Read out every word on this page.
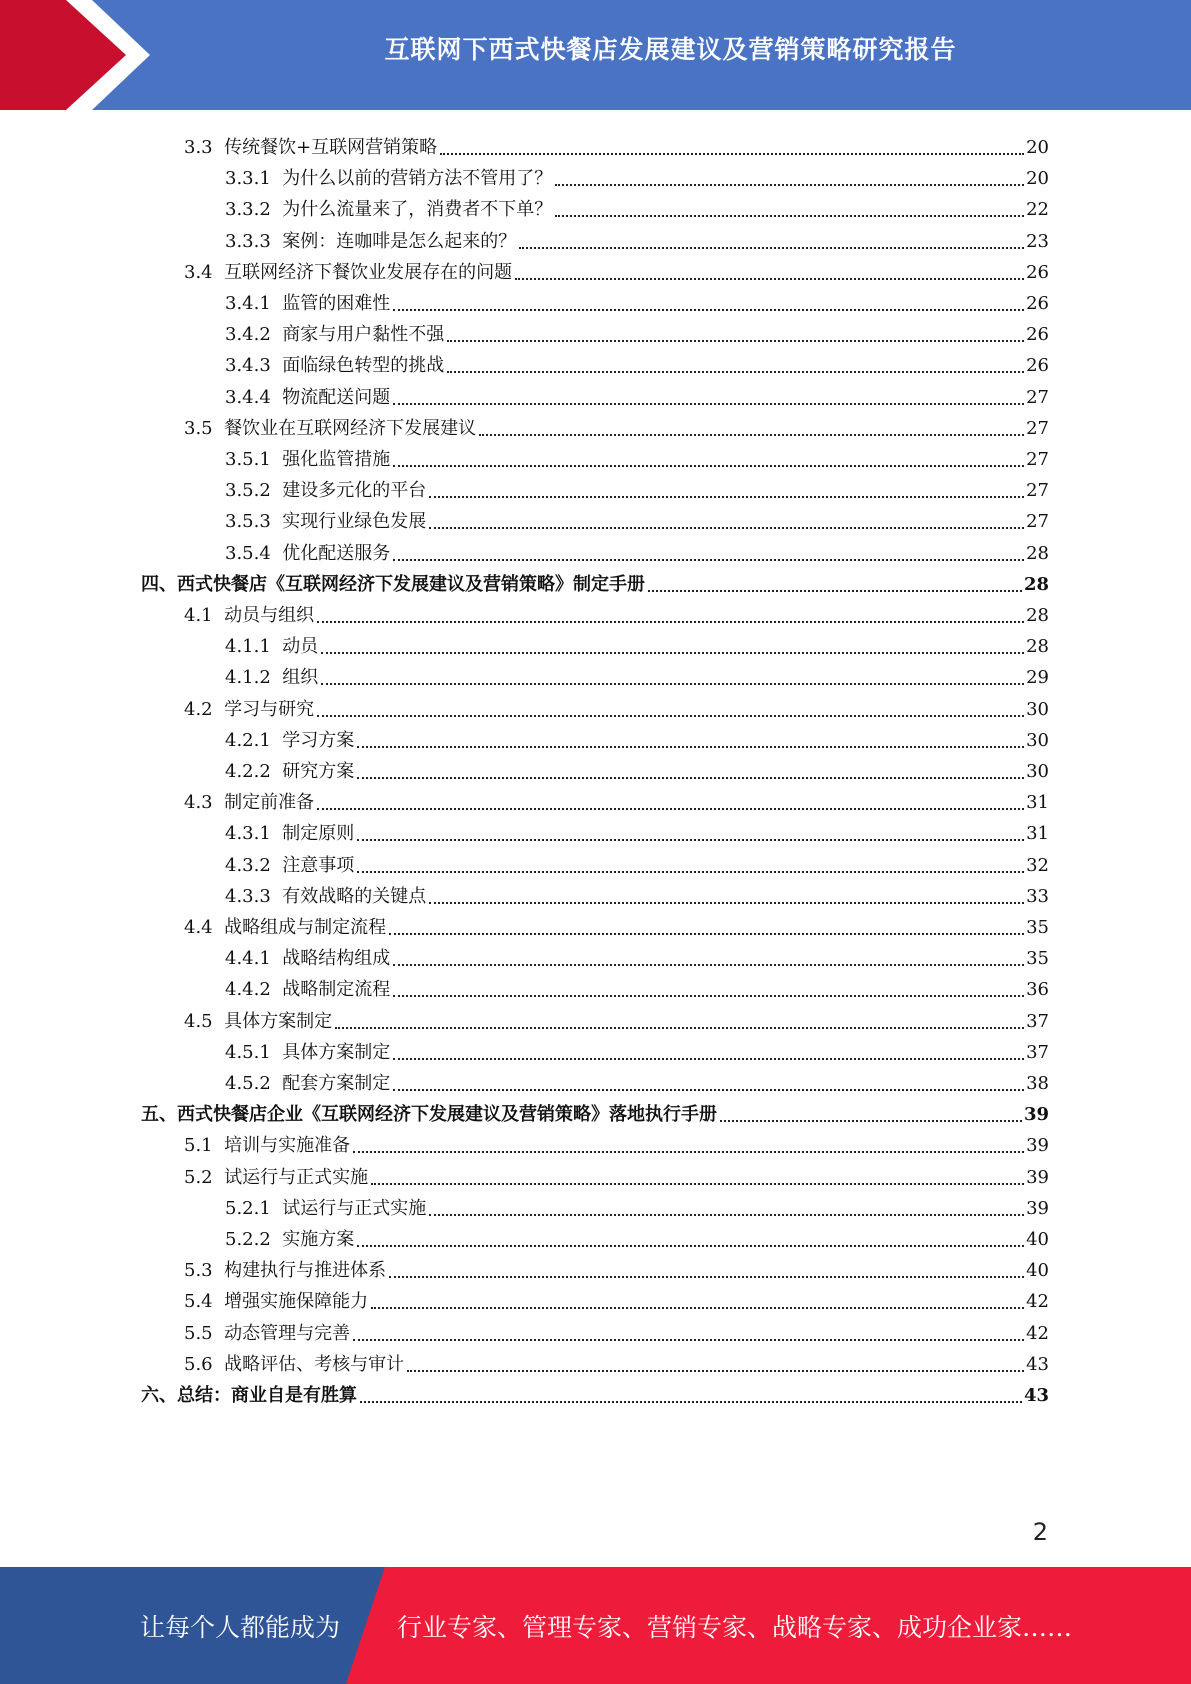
互联网下西式快餐店发展建议及营销策略研究报告
3.3  传统餐饮+互联网营销策略	20
3.3.1  为什么以前的营销方法不管用了？	20
3.3.2  为什么流量来了，消费者不下单？	22
3.3.3  案例：连咖啡是怎么起来的？	23
3.4  互联网经济下餐饮业发展存在的问题	26
3.4.1  监管的困难性	26
3.4.2  商家与用户黏性不强	26
3.4.3  面临绿色转型的挑战	26
3.4.4  物流配送问题	27
3.5  餐饮业在互联网经济下发展建议	27
3.5.1  强化监管措施	27
3.5.2  建设多元化的平台	27
3.5.3  实现行业绿色发展	27
3.5.4  优化配送服务	28
四、西式快餐店《互联网经济下发展建议及营销策略》制定手册	28
4.1  动员与组织	28
4.1.1  动员	28
4.1.2  组织	29
4.2  学习与研究	30
4.2.1  学习方案	30
4.2.2  研究方案	30
4.3  制定前准备	31
4.3.1  制定原则	31
4.3.2  注意事项	32
4.3.3  有效战略的关键点	33
4.4  战略组成与制定流程	35
4.4.1  战略结构组成	35
4.4.2  战略制定流程	36
4.5  具体方案制定	37
4.5.1  具体方案制定	37
4.5.2  配套方案制定	38
五、西式快餐店企业《互联网经济下发展建议及营销策略》落地执行手册	39
5.1  培训与实施准备	39
5.2  试运行与正式实施	39
5.2.1  试运行与正式实施	39
5.2.2  实施方案	40
5.3  构建执行与推进体系	40
5.4  增强实施保障能力	42
5.5  动态管理与完善	42
5.6  战略评估、考核与审计	43
六、总结：商业自是有胜算	43
2
让每个人都能成为 行业专家、管理专家、营销专家、战略专家、成功企业家……
